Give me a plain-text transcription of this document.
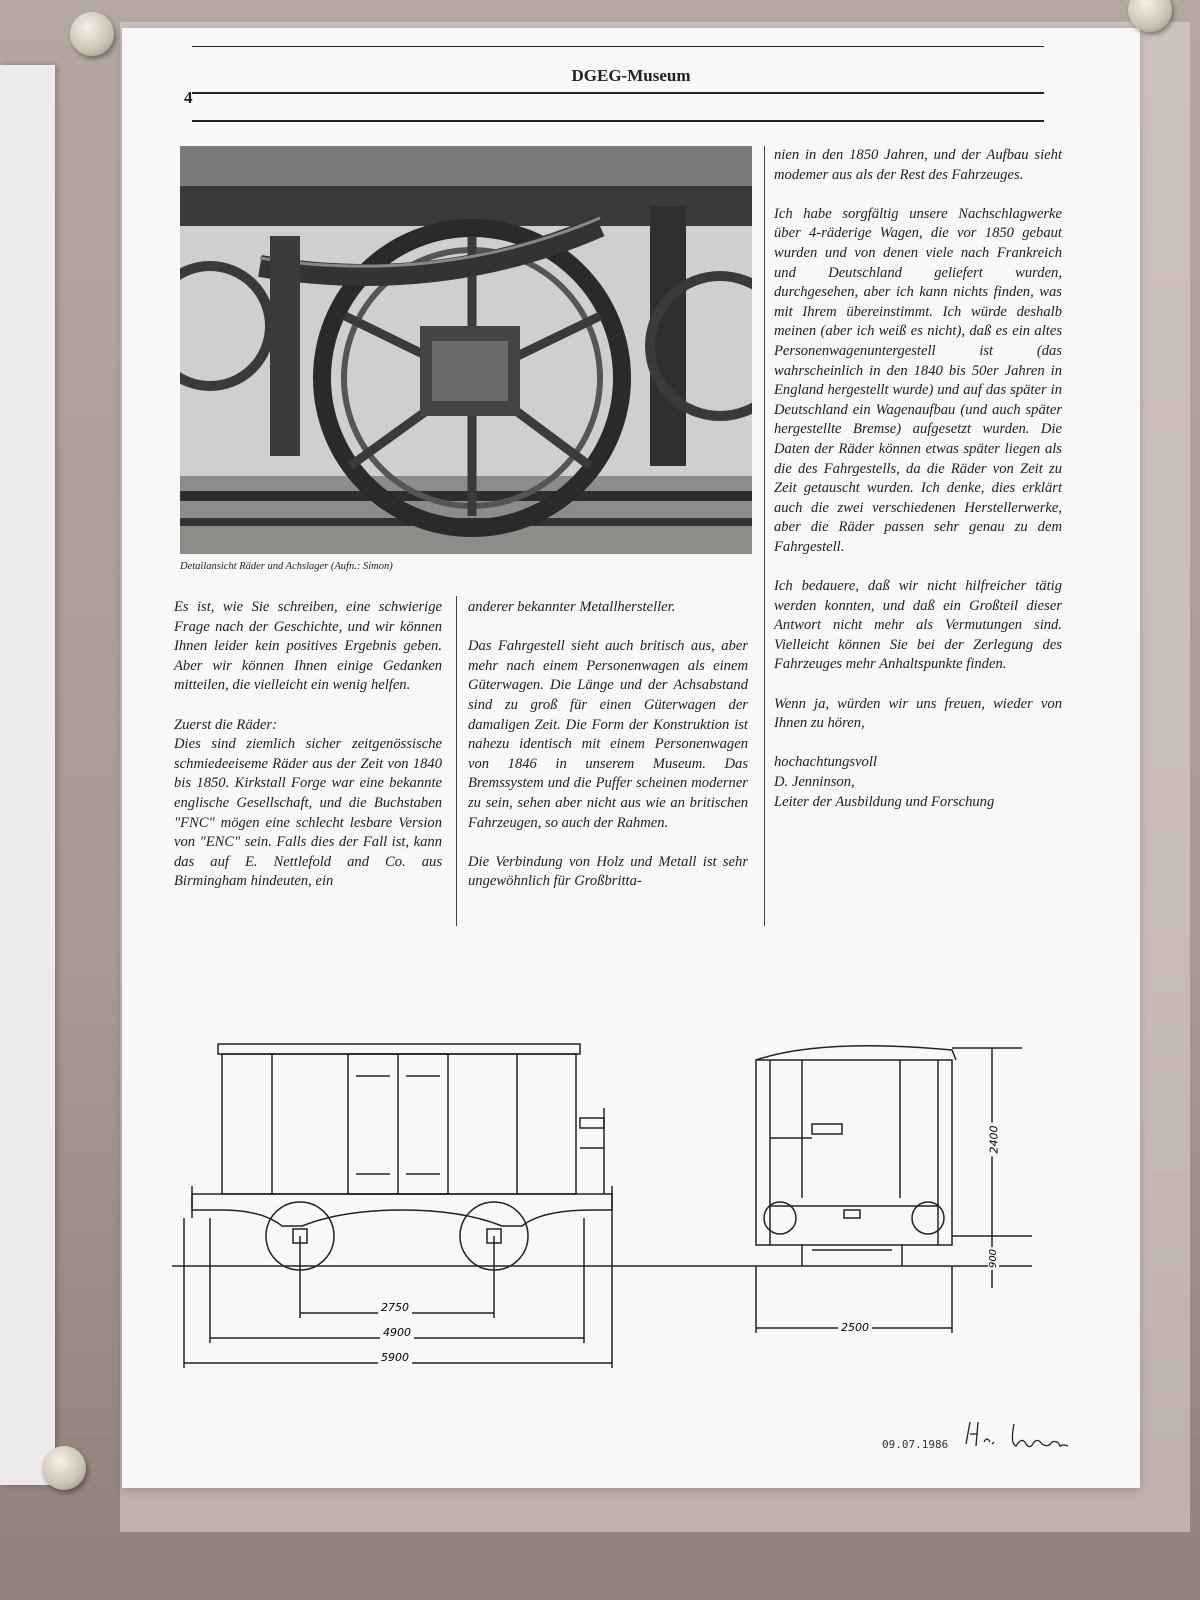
DGEG-Museum
4
Detailansicht Räder und Achslager (Aufn.: Simon)

Es ist, wie Sie schreiben, eine schwierige Frage nach der Geschichte, und wir können Ihnen leider kein positives Ergebnis geben. Aber wir können Ihnen einige Gedanken mitteilen, die vielleicht ein wenig helfen.

Zuerst die Räder:

Dies sind ziemlich sicher zeitgenössische schmiedeeiseme Räder aus der Zeit von 1840 bis 1850. Kirkstall Forge war eine bekannte englische Gesellschaft, und die Buchstaben "FNC" mögen eine schlecht lesbare Version von "ENC" sein. Falls dies der Fall ist, kann das auf E. Nettlefold and Co. aus Birmingham hindeuten, ein

anderer bekannter Metallhersteller.

Das Fahrgestell sieht auch britisch aus, aber mehr nach einem Personenwagen als einem Güterwagen. Die Länge und der Achsabstand sind zu groß für einen Güterwagen der damaligen Zeit. Die Form der Konstruktion ist nahezu identisch mit einem Personenwagen von 1846 in unserem Museum. Das Bremssystem und die Puffer scheinen moderner zu sein, sehen aber nicht aus wie an britischen Fahrzeugen, so auch der Rahmen.

Die Verbindung von Holz und Metall ist sehr ungewöhnlich für Großbritta-

nien in den 1850 Jahren, und der Aufbau sieht modemer aus als der Rest des Fahrzeuges.

Ich habe sorgfältig unsere Nachschlagwerke über 4-räderige Wagen, die vor 1850 gebaut wurden und von denen viele nach Frankreich und Deutschland geliefert wurden, durchgesehen, aber ich kann nichts finden, was mit Ihrem übereinstimmt. Ich würde deshalb meinen (aber ich weiß es nicht), daß es ein altes Personenwagenuntergestell ist (das wahrscheinlich in den 1840 bis 50er Jahren in England hergestellt wurde) und auf das später in Deutschland ein Wagenaufbau (und auch später hergestellte Bremse) aufgesetzt wurden. Die Daten der Räder können etwas später liegen als die des Fahrgestells, da die Räder von Zeit zu Zeit getauscht wurden. Ich denke, dies erklärt auch die zwei verschiedenen Herstellerwerke, aber die Räder passen sehr genau zu dem Fahrgestell.

Ich bedauere, daß wir nicht hilfreicher tätig werden konnten, und daß ein Großteil dieser Antwort nicht mehr als Vermutungen sind. Vielleicht können Sie bei der Zerlegung des Fahrzeuges mehr Anhaltspunkte finden.

Wenn ja, würden wir uns freuen, wieder von Ihnen zu hören,

hochachtungsvoll
D. Jenninson,
Leiter der Ausbildung und Forschung
2750
4900
5900
2500
2400
900
09.07.1986
